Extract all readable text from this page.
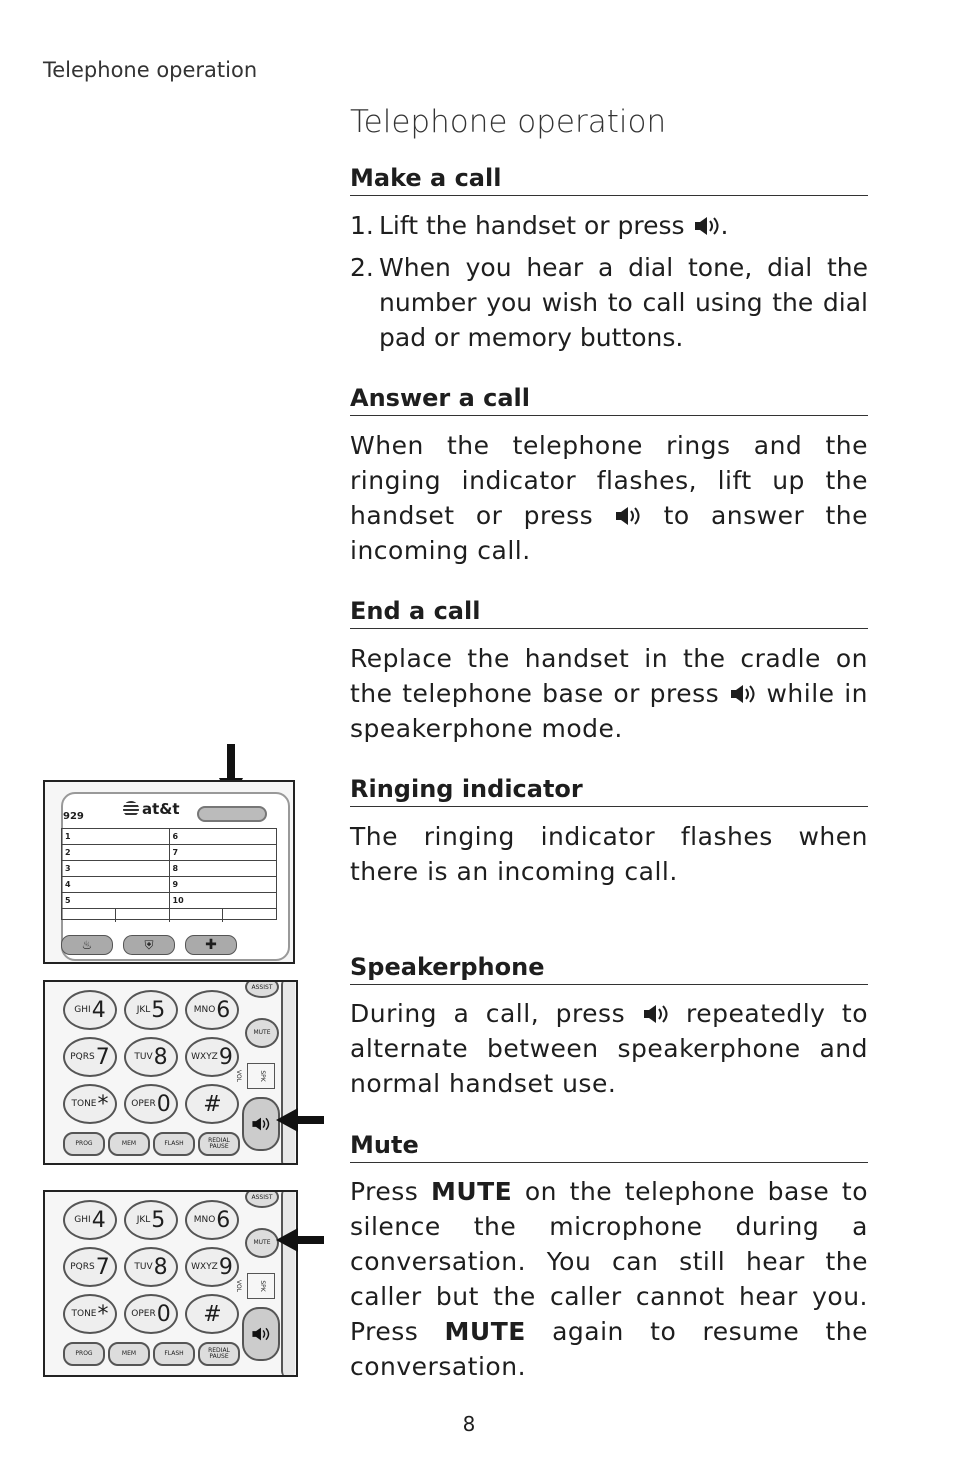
Telephone operation
Telephone operation
Make a call
1. Lift the handset or press .
2. When you hear a dial tone, dial the number you wish to call using the dial pad or memory buttons.
Answer a call
When the telephone rings and the ringing indicator flashes, lift up the handset or press  to answer the incoming call.
End a call
Replace the handset in the cradle on the telephone base or press  while in speakerphone mode.
Ringing indicator
The ringing indicator flashes when there is an incoming call.
Speakerphone
During a call, press  repeatedly to alternate between speakerphone and normal handset use.
Mute
Press MUTE on the telephone base to silence the microphone during a conversation. You can still hear the caller but the caller cannot hear you. Press MUTE again to resume the conversation.
8
929	at&t
1	6
2	7
3	8
4	9
5	10
♨	⛨	✚
GHI 4	JKL 5	MNO 6
PQRS 7	TUV 8	WXYZ 9
TONE *	OPER 0 #
PROG	MEM	FLASH	REDIAL PAUSE
ASSIST
MUTE
SPK VOL
GHI 4	JKL 5	MNO 6
PQRS 7	TUV 8	WXYZ 9
TONE *	OPER 0 #
PROG	MEM	FLASH	REDIAL PAUSE
ASSIST
MUTE
SPK VOL
